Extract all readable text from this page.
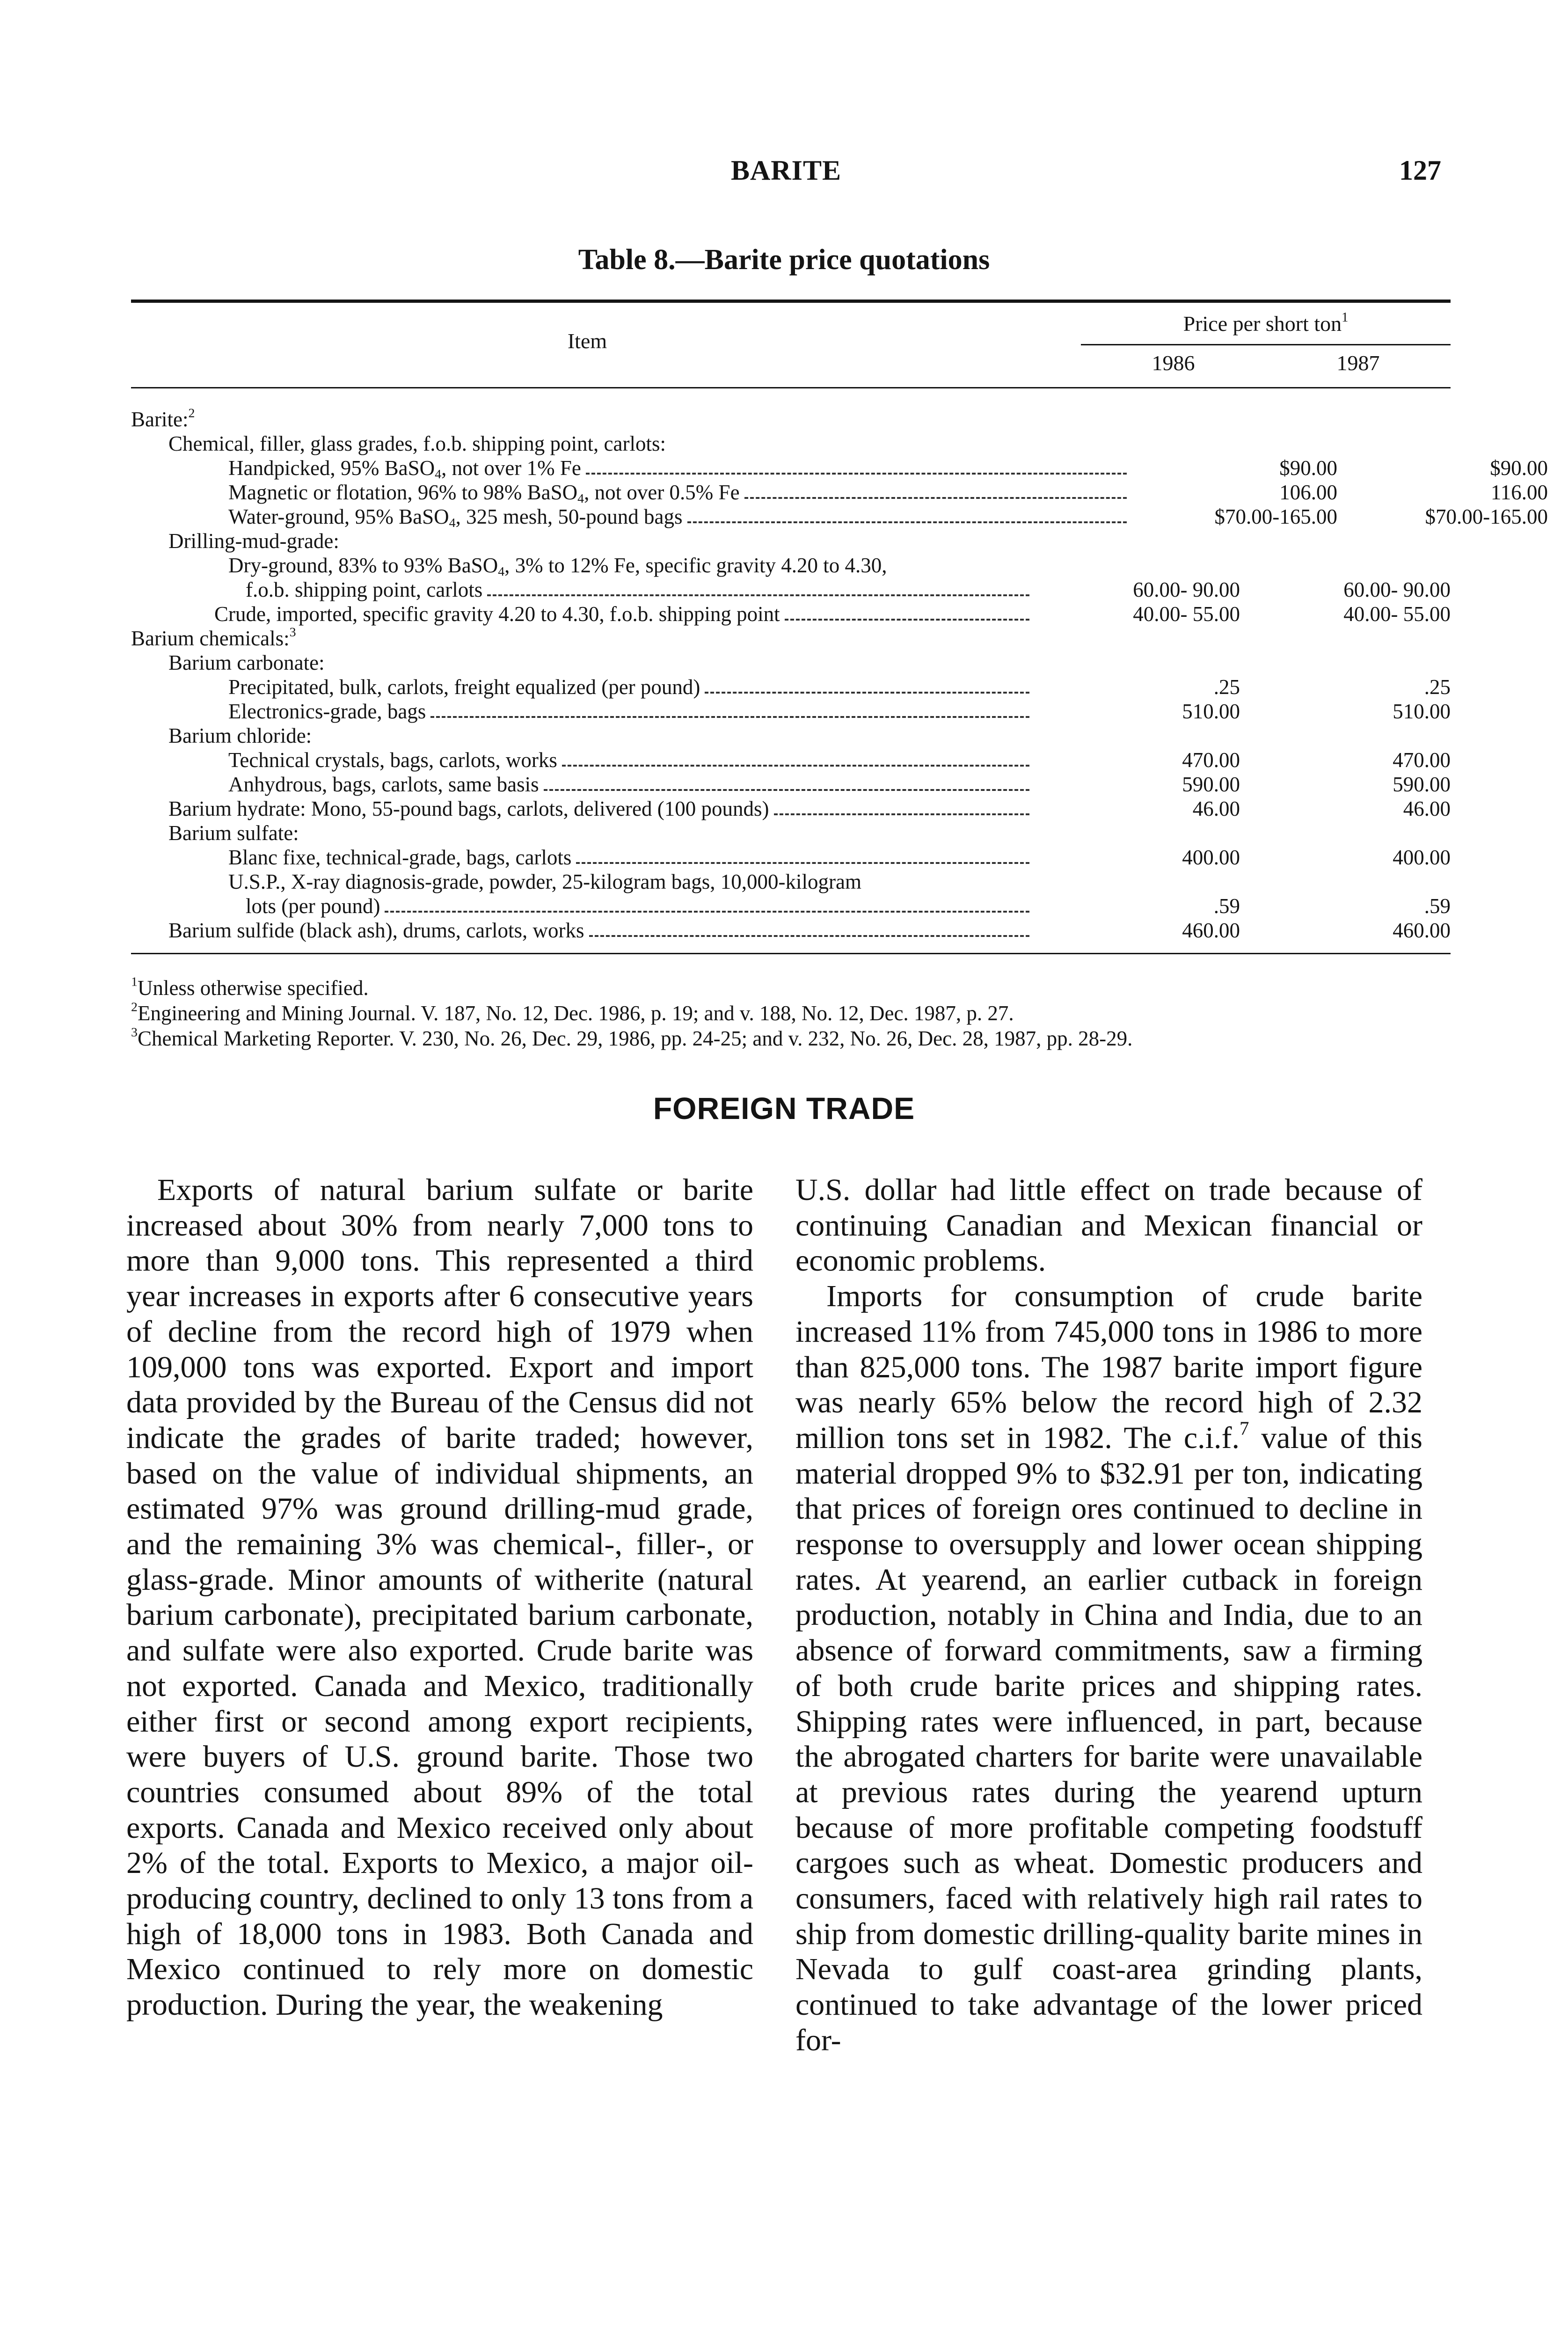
BARITE	127
Table 8.—Barite price quotations
Item
Price per short ton$^1$
1986	1987
Barite:$^2$
Chemical, filler, glass grades, f.o.b. shipping point, carlots:
Handpicked, 95% BaSO$_4$, not over 1% Fe	$90.00	$90.00
Magnetic or flotation, 96% to 98% BaSO$_4$, not over 0.5% Fe	106.00	116.00
Water-ground, 95% BaSO$_4$, 325 mesh, 50-pound bags	$70.00-165.00	$70.00-165.00
Drilling-mud-grade:
Dry-ground, 83% to 93% BaSO$_4$, 3% to 12% Fe, specific gravity 4.20 to 4.30,
f.o.b. shipping point, carlots	60.00- 90.00	60.00- 90.00
Crude, imported, specific gravity 4.20 to 4.30, f.o.b. shipping point	40.00- 55.00	40.00- 55.00
Barium chemicals:$^3$
Barium carbonate:
Precipitated, bulk, carlots, freight equalized (per pound)	.25	.25
Electronics-grade, bags	510.00	510.00
Barium chloride:
Technical crystals, bags, carlots, works	470.00	470.00
Anhydrous, bags, carlots, same basis	590.00	590.00
Barium hydrate: Mono, 55-pound bags, carlots, delivered (100 pounds)	46.00	46.00
Barium sulfate:
Blanc fixe, technical-grade, bags, carlots	400.00	400.00
U.S.P., X-ray diagnosis-grade, powder, 25-kilogram bags, 10,000-kilogram
lots (per pound)	.59	.59
Barium sulfide (black ash), drums, carlots, works	460.00	460.00
$^1$Unless otherwise specified.
$^2$Engineering and Mining Journal. V. 187, No. 12, Dec. 1986, p. 19; and v. 188, No. 12, Dec. 1987, p. 27.
$^3$Chemical Marketing Reporter. V. 230, No. 26, Dec. 29, 1986, pp. 24-25; and v. 232, No. 26, Dec. 28, 1987, pp. 28-29.
FOREIGN TRADE

Exports of natural barium sulfate or barite increased about 30% from nearly 7,000 tons to more than 9,000 tons. This represented a third year increases in exports after 6 consecutive years of decline from the record high of 1979 when 109,000 tons was exported. Export and import data provided by the Bureau of the Census did not indicate the grades of barite traded; however, based on the value of individual shipments, an estimated 97% was ground drilling-mud grade, and the remaining 3% was chemical-, filler-, or glass-grade. Minor amounts of witherite (natural barium carbonate), precipitated barium carbonate, and sulfate were also exported. Crude barite was not exported. Canada and Mexico, traditionally either first or second among export recipients, were buyers of U.S. ground barite. Those two countries consumed about 89% of the total exports. Canada and Mexico received only about 2% of the total. Exports to Mexico, a major oil-producing country, declined to only 13 tons from a high of 18,000 tons in 1983. Both Canada and Mexico continued to rely more on domestic production. During the year, the weakening

U.S. dollar had little effect on trade because of continuing Canadian and Mexican financial or economic problems.

Imports for consumption of crude barite increased 11% from 745,000 tons in 1986 to more than 825,000 tons. The 1987 barite import figure was nearly 65% below the record high of 2.32 million tons set in 1982. The c.i.f.$^7$ value of this material dropped 9% to $32.91 per ton, indicating that prices of foreign ores continued to decline in response to oversupply and lower ocean shipping rates. At yearend, an earlier cutback in foreign production, notably in China and India, due to an absence of forward commitments, saw a firming of both crude barite prices and shipping rates. Shipping rates were influenced, in part, because the abrogated charters for barite were unavailable at previous rates during the yearend upturn because of more profitable competing foodstuff cargoes such as wheat. Domestic producers and consumers, faced with relatively high rail rates to ship from domestic drilling-quality barite mines in Nevada to gulf coast-area grinding plants, continued to take advantage of the lower priced for-
